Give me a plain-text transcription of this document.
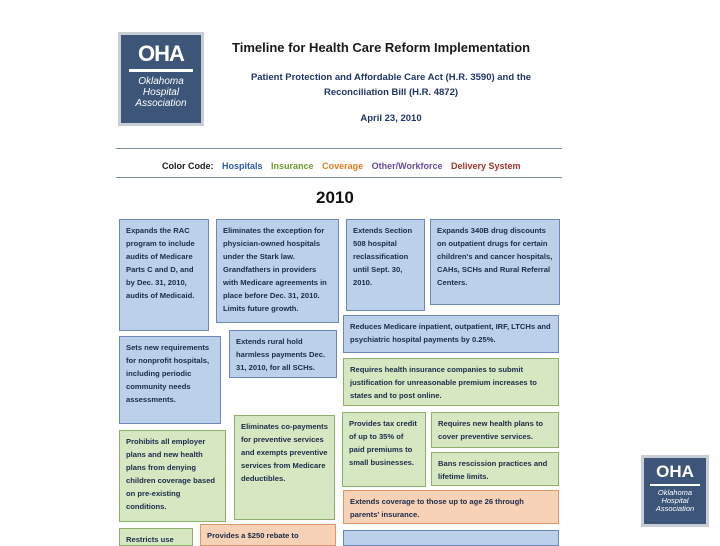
OHA
Oklahoma
Hospital
Association
Timeline for Health Care Reform Implementation
Patient Protection and Affordable Care Act (H.R. 3590) and the
Reconciliation Bill (H.R. 4872)
April 23, 2010
Color Code: Hospitals Insurance Coverage Other/Workforce Delivery System
2010
Expands the RAC program to include audits of Medicare Parts C and D, and by Dec. 31, 2010, audits of Medicaid.
Eliminates the exception for physician-owned hospitals under the Stark law. Grandfathers in providers with Medicare agreements in place before Dec. 31, 2010. Limits future growth.
Extends Section 508 hospital reclassification until Sept. 30, 2010.
Expands 340B drug discounts on outpatient drugs for certain children's and cancer hospitals, CAHs, SCHs and Rural Referral Centers.
Reduces Medicare inpatient, outpatient, IRF, LTCHs and psychiatric hospital payments by 0.25%.
Sets new requirements for nonprofit hospitals, including periodic community needs assessments.
Extends rural hold harmless payments Dec. 31, 2010, for all SCHs.	Requires health insurance companies to submit justification for unreasonable premium increases to states and to post online.
Prohibits all employer plans and new health plans from denying children coverage based on pre-existing conditions.
Eliminates co-payments for preventive services and exempts preventive services from Medicare deductibles.
Provides tax credit of up to 35% of paid premiums to small businesses.
Requires new health plans to cover preventive services.
Bans rescission practices and lifetime limits.
Extends coverage to those up to age 26 through parents' insurance.
Restricts use	Provides a $250 rebate to
OHA
Oklahoma
Hospital
Association
